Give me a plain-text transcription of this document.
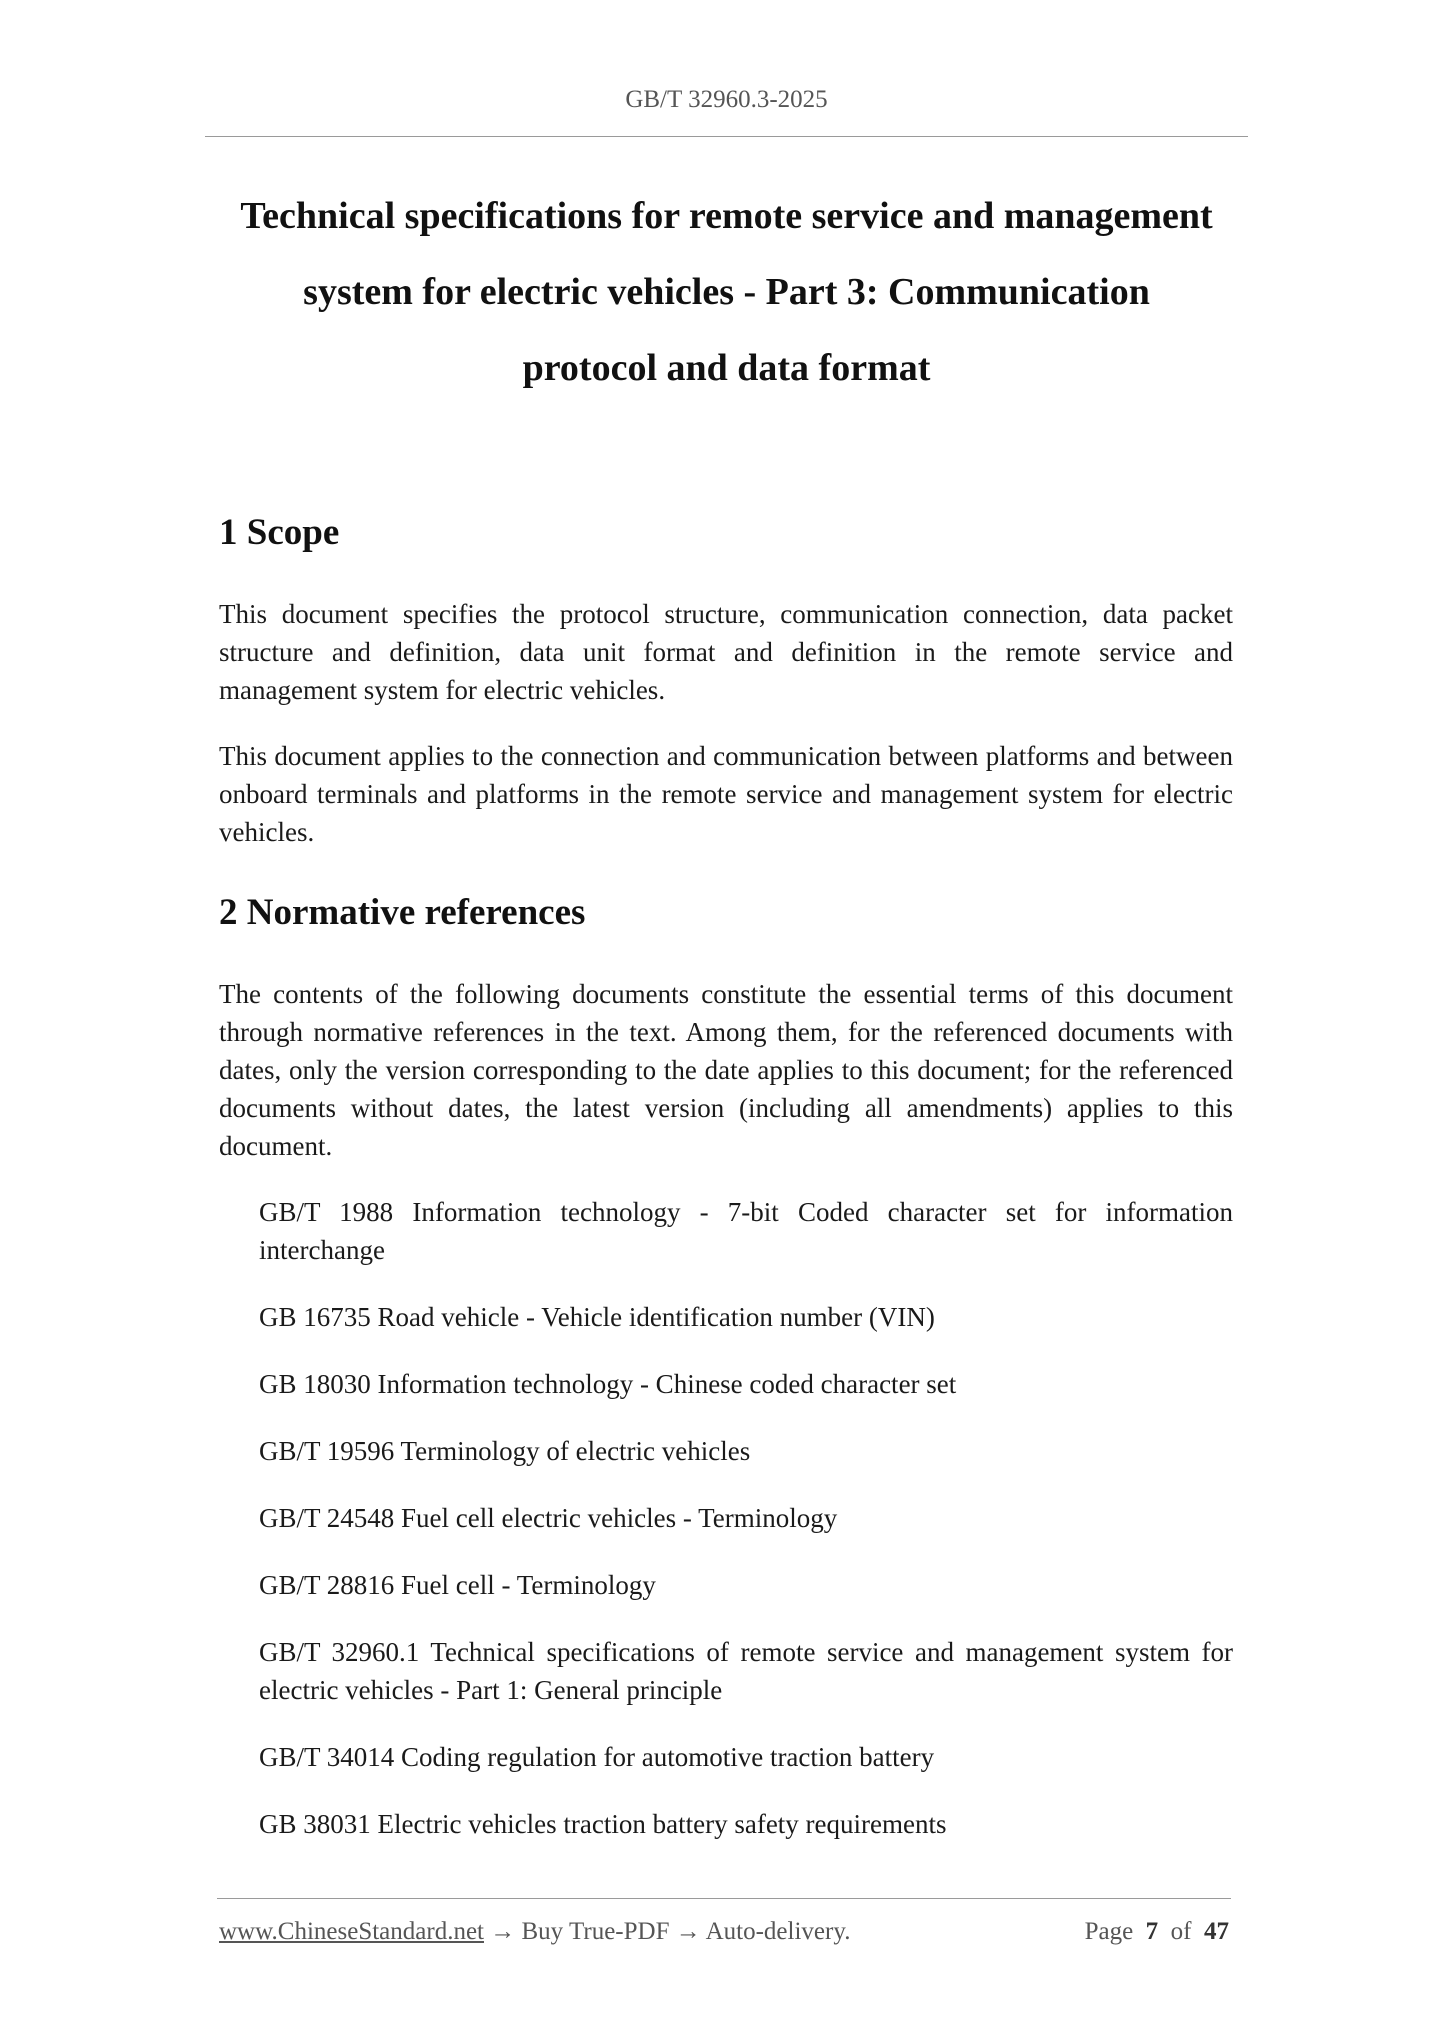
GB/T 32960.3-2025
Technical specifications for remote service and management
system for electric vehicles - Part 3: Communication
protocol and data format
1 Scope

This document specifies the protocol structure, communication connection, data packet structure and definition, data unit format and definition in the remote service and management system for electric vehicles.

This document applies to the connection and communication between platforms and between onboard terminals and platforms in the remote service and management system for electric vehicles.

2 Normative references

The contents of the following documents constitute the essential terms of this document through normative references in the text. Among them, for the referenced documents with dates, only the version corresponding to the date applies to this document; for the referenced documents without dates, the latest version (including all amendments) applies to this document.

GB/T 1988 Information technology - 7-bit Coded character set for information interchange
GB 16735 Road vehicle - Vehicle identification number (VIN)
GB 18030 Information technology - Chinese coded character set
GB/T 19596 Terminology of electric vehicles
GB/T 24548 Fuel cell electric vehicles - Terminology
GB/T 28816 Fuel cell - Terminology
GB/T 32960.1 Technical specifications of remote service and management system for electric vehicles - Part 1: General principle
GB/T 34014 Coding regulation for automotive traction battery
GB 38031 Electric vehicles traction battery safety requirements
www.ChineseStandard.net → Buy True-PDF → Auto-delivery.	Page 7 of 47
